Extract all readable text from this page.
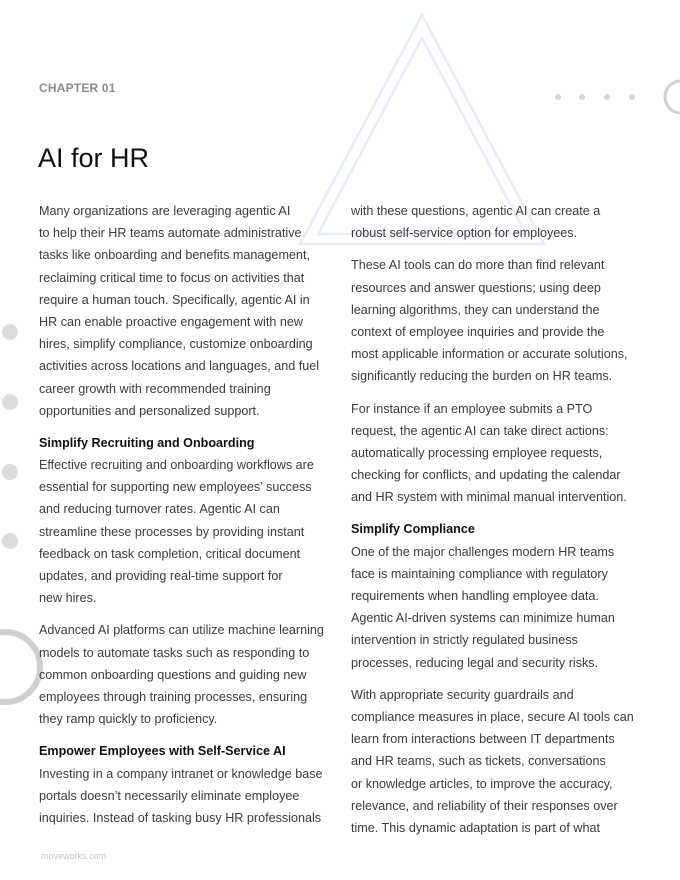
CHAPTER 01
AI for HR
Many organizations are leveraging agentic AI
to help their HR teams automate administrative
tasks like onboarding and benefits management,
reclaiming critical time to focus on activities that
require a human touch. Specifically, agentic AI in
HR can enable proactive engagement with new
hires, simplify compliance, customize onboarding
activities across locations and languages, and fuel
career growth with recommended training
opportunities and personalized support.
Simplify Recruiting and Onboarding
Effective recruiting and onboarding workflows are
essential for supporting new employees’ success
and reducing turnover rates. Agentic AI can
streamline these processes by providing instant
feedback on task completion, critical document
updates, and providing real-time support for
new hires.
Advanced AI platforms can utilize machine learning
models to automate tasks such as responding to
common onboarding questions and guiding new
employees through training processes, ensuring
they ramp quickly to proficiency.
Empower Employees with Self-Service AI
Investing in a company intranet or knowledge base
portals doesn’t necessarily eliminate employee
inquiries. Instead of tasking busy HR professionals
with these questions, agentic AI can create a
robust self-service option for employees.
These AI tools can do more than find relevant
resources and answer questions; using deep
learning algorithms, they can understand the
context of employee inquiries and provide the
most applicable information or accurate solutions,
significantly reducing the burden on HR teams.
For instance if an employee submits a PTO
request, the agentic AI can take direct actions:
automatically processing employee requests,
checking for conflicts, and updating the calendar
and HR system with minimal manual intervention.
Simplify Compliance
One of the major challenges modern HR teams
face is maintaining compliance with regulatory
requirements when handling employee data.
Agentic AI-driven systems can minimize human
intervention in strictly regulated business
processes, reducing legal and security risks.
With appropriate security guardrails and
compliance measures in place, secure AI tools can
learn from interactions between IT departments
and HR teams, such as tickets, conversations
or knowledge articles, to improve the accuracy,
relevance, and reliability of their responses over
time. This dynamic adaptation is part of what
moveworks.com
